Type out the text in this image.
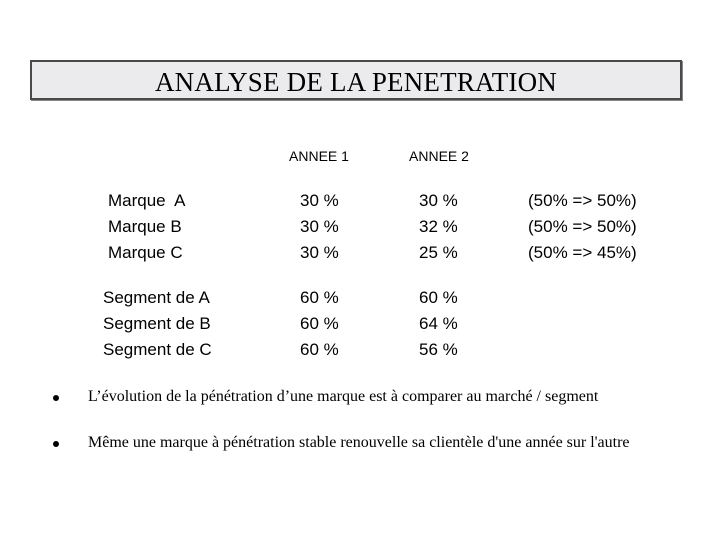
ANALYSE DE LA PENETRATION
ANNEE 1	ANNEE 2
Marque  A
Marque B
Marque C
30 %
30 %
30 %
30 %
32 %
25 %
(50% => 50%)
(50% => 50%)
(50% => 45%)
Segment de A
Segment de B
Segment de C
60 %
60 %
60 %
60 %
64 %
56 %
L’évolution de la pénétration d’une marque est à comparer au marché / segment
Même une marque à pénétration stable renouvelle sa clientèle d'une année sur l'autre
